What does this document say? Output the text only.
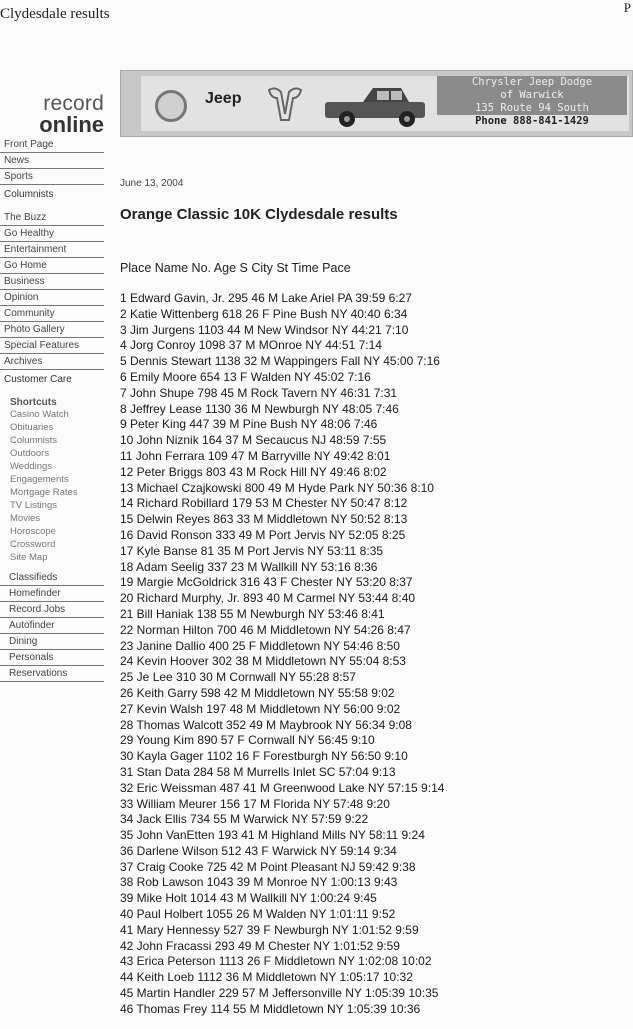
Clydesdale results	P
record
online
Front Page
News
Sports
Columnists
The Buzz
Go Healthy
Entertainment
Go Home
Business
Opinion
Community
Photo Gallery
Special Features
Archives
Customer Care
Shortcuts
Casino Watch
Obituaries
Columnists
Outdoors
Weddings
Engagements
Mortgage Rates
TV Listings
Movies
Horoscope
Crossword
Site Map
Classifieds
Homefinder
Record Jobs
Autofinder
Dining
Personals
Reservations
Jeep
Chrysler Jeep Dodge
of Warwick
135 Route 94 South
Phone 888-841-1429
June 13, 2004
Orange Classic 10K Clydesdale results
Place Name No. Age S City St Time Pace
1 Edward Gavin, Jr. 295 46 M Lake Ariel PA 39:59 6:27
2 Katie Wittenberg 618 26 F Pine Bush NY 40:40 6:34
3 Jim Jurgens 1103 44 M New Windsor NY 44:21 7:10
4 Jorg Conroy 1098 37 M MOnroe NY 44:51 7:14
5 Dennis Stewart 1138 32 M Wappingers Fall NY 45:00 7:16
6 Emily Moore 654 13 F Walden NY 45:02 7:16
7 John Shupe 798 45 M Rock Tavern NY 46:31 7:31
8 Jeffrey Lease 1130 36 M Newburgh NY 48:05 7:46
9 Peter King 447 39 M Pine Bush NY 48:06 7:46
10 John Niznik 164 37 M Secaucus NJ 48:59 7:55
11 John Ferrara 109 47 M Barryville NY 49:42 8:01
12 Peter Briggs 803 43 M Rock Hill NY 49:46 8:02
13 Michael Czajkowski 800 49 M Hyde Park NY 50:36 8:10
14 Richard Robillard 179 53 M Chester NY 50:47 8:12
15 Delwin Reyes 863 33 M Middletown NY 50:52 8:13
16 David Ronson 333 49 M Port Jervis NY 52:05 8:25
17 Kyle Banse 81 35 M Port Jervis NY 53:11 8:35
18 Adam Seelig 337 23 M Wallkill NY 53:16 8:36
19 Margie McGoldrick 316 43 F Chester NY 53:20 8:37
20 Richard Murphy, Jr. 893 40 M Carmel NY 53:44 8:40
21 Bill Haniak 138 55 M Newburgh NY 53:46 8:41
22 Norman Hilton 700 46 M Middletown NY 54:26 8:47
23 Janine Dallio 400 25 F Middletown NY 54:46 8:50
24 Kevin Hoover 302 38 M Middletown NY 55:04 8:53
25 Je Lee 310 30 M Cornwall NY 55:28 8:57
26 Keith Garry 598 42 M Middletown NY 55:58 9:02
27 Kevin Walsh 197 48 M Middletown NY 56:00 9:02
28 Thomas Walcott 352 49 M Maybrook NY 56:34 9:08
29 Young Kim 890 57 F Cornwall NY 56:45 9:10
30 Kayla Gager 1102 16 F Forestburgh NY 56:50 9:10
31 Stan Data 284 58 M Murrells Inlet SC 57:04 9:13
32 Eric Weissman 487 41 M Greenwood Lake NY 57:15 9:14
33 William Meurer 156 17 M Florida NY 57:48 9:20
34 Jack Ellis 734 55 M Warwick NY 57:59 9:22
35 John VanEtten 193 41 M Highland Mills NY 58:11 9:24
36 Darlene Wilson 512 43 F Warwick NY 59:14 9:34
37 Craig Cooke 725 42 M Point Pleasant NJ 59:42 9:38
38 Rob Lawson 1043 39 M Monroe NY 1:00:13 9:43
39 Mike Holt 1014 43 M Wallkill NY 1:00:24 9:45
40 Paul Holbert 1055 26 M Walden NY 1:01:11 9:52
41 Mary Hennessy 527 39 F Newburgh NY 1:01:52 9:59
42 John Fracassi 293 49 M Chester NY 1:01:52 9:59
43 Erica Peterson 1113 26 F Middletown NY 1:02:08 10:02
44 Keith Loeb 1112 36 M Middletown NY 1:05:17 10:32
45 Martin Handler 229 57 M Jeffersonville NY 1:05:39 10:35
46 Thomas Frey 114 55 M Middletown NY 1:05:39 10:36
